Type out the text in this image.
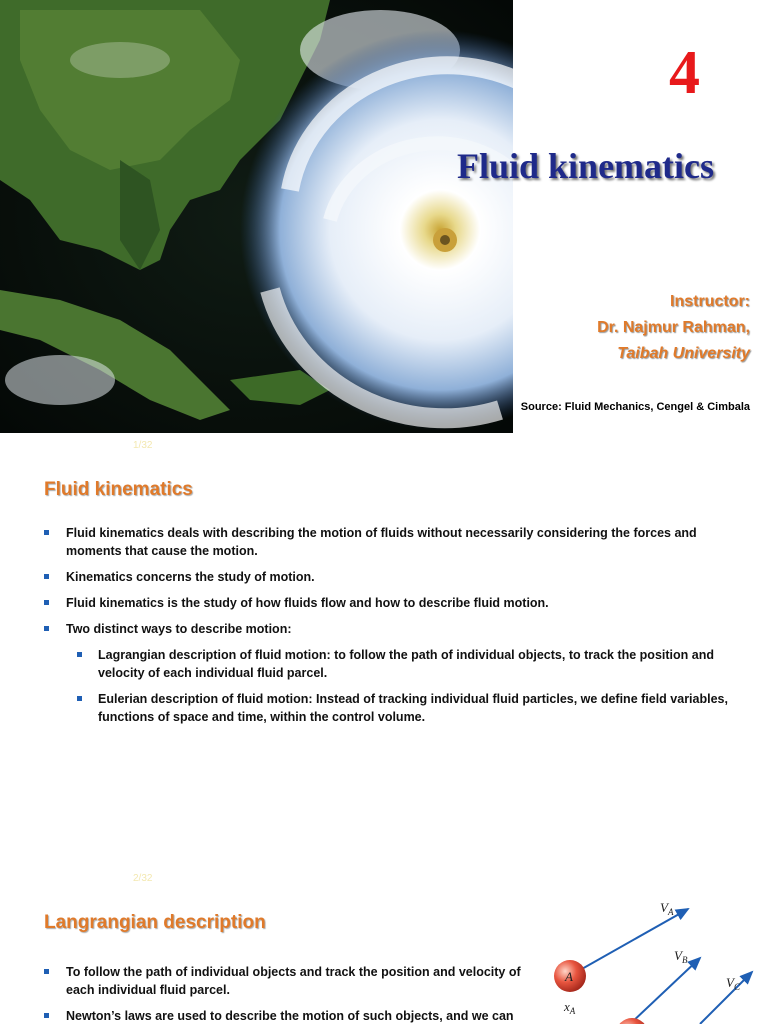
4
Fluid kinematics
Instructor:
Dr. Najmur Rahman,
Taibah University
Source: Fluid Mechanics, Cengel & Cimbala
1/32
Fluid kinematics
Fluid kinematics deals with describing the motion of fluids without necessarily considering the forces and
moments that cause the motion.
Kinematics concerns the study of motion.
Fluid kinematics is the study of how fluids flow and how to describe fluid motion.
Two distinct ways to describe motion:
Lagrangian description of fluid motion: to follow the path of individual objects, to track the position and
velocity of each individual fluid parcel.
Eulerian description of fluid motion: Instead of tracking individual fluid particles, we define field variables,
functions of space and time, within the control volume.
2/32
Langrangian description
To follow the path of individual objects and track the position and velocity of
each individual fluid parcel.
Newton’s laws are used to describe the motion of such objects, and we can
A
$V_A$
$V_B$
$V_C$
$x_A$
